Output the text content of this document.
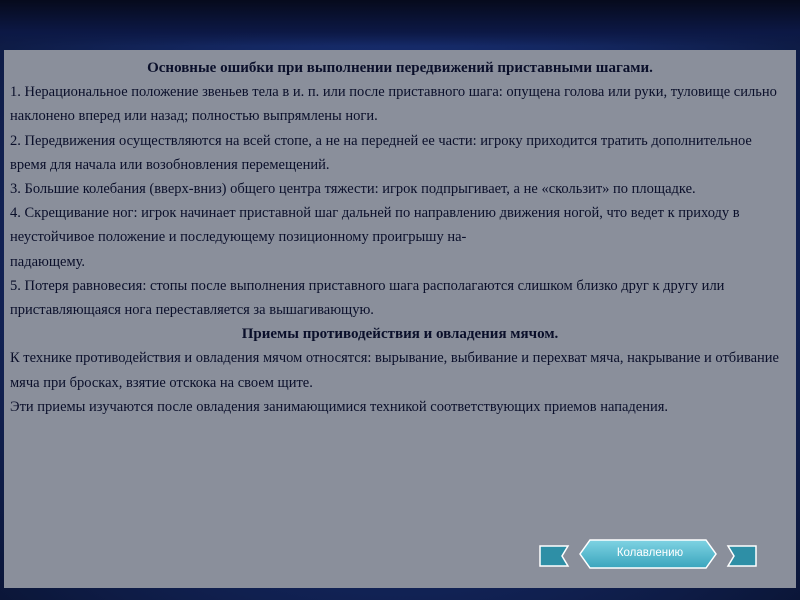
Основные ошибки при выполнении передвижений приставными шагами.

1. Нерациональное положение звеньев тела в и. п. или после приставного шага: опущена голова или руки, туловище сильно наклонено вперед или назад; полностью выпрямлены ноги.

2. Передвижения осуществляются на всей стопе, а не на передней ее части: игроку приходится тратить дополнительное время для начала или возобновления перемещений.

3. Большие колебания (вверх-вниз) общего центра тяжести: игрок подпрыгивает, а не «скользит» по площадке.

4. Скрещивание ног: игрок начинает приставной шаг дальней по направлению движения ногой, что ведет к приходу в неустойчивое положение и последующему позиционному проигрышу на-

падающему.

5. Потеря равновесия: стопы после выполнения приставного шага располагаются слишком близко друг к другу или приставляющаяся нога переставляется за вышагивающую.

Приемы противодействия и овладения мячом.

К технике противодействия и овладения мячом относятся: вырывание, выбивание и перехват мяча, накрывание и отбивание мяча при бросках, взятие отскока на своем щите.

Эти приемы изучаются после овладения занимающимися техникой соответствующих приемов нападения.

Колавлению
